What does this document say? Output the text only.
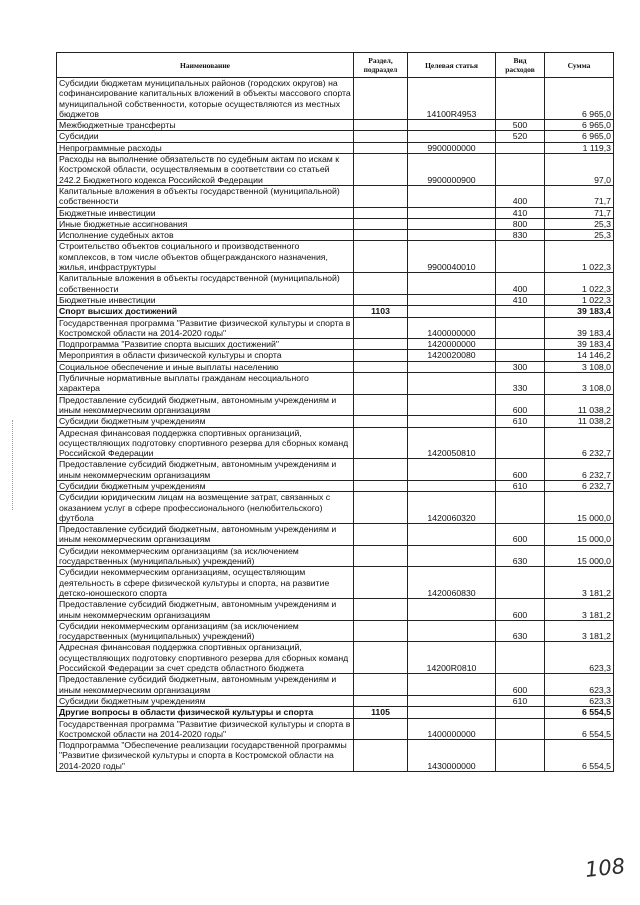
Наименование	Раздел, подраздел	Целевая статья	Вид расходов	Сумма
Субсидии бюджетам муниципальных районов (городских округов) на софинансирование капитальных вложений в объекты массового спорта муниципальной собственности, которые осуществляются из местных бюджетов		14100R4953		6 965,0
Межбюджетные трансферты			500	6 965,0
Субсидии			520	6 965,0
Непрограммные расходы		9900000000		1 119,3
Расходы на выполнение обязательств по судебным актам по искам к Костромской области, осуществляемым в соответствии со статьей 242.2 Бюджетного кодекса Российской Федерации		9900000900		97,0
Капитальные вложения в объекты государственной (муниципальной) собственности			400	71,7
Бюджетные инвестиции			410	71,7
Иные бюджетные ассигнования			800	25,3
Исполнение судебных актов			830	25,3
Строительство объектов социального и производственного комплексов, в том числе объектов общегражданского назначения, жилья, инфраструктуры		9900040010		1 022,3
Капитальные вложения в объекты государственной (муниципальной) собственности			400	1 022,3
Бюджетные инвестиции			410	1 022,3
Спорт высших достижений	1103			39 183,4
Государственная программа "Развитие физической культуры и спорта в Костромской области на 2014-2020 годы"		1400000000		39 183,4
Подпрограмма "Развитие спорта высших достижений"		1420000000		39 183,4
Мероприятия в области физической культуры и спорта		1420020080		14 146,2
Социальное обеспечение и иные выплаты населению			300	3 108,0
Публичные нормативные выплаты гражданам несоциального характера			330	3 108,0
Предоставление субсидий бюджетным, автономным учреждениям и иным некоммерческим организациям			600	11 038,2
Субсидии бюджетным учреждениям			610	11 038,2
Адресная финансовая поддержка спортивных организаций, осуществляющих подготовку спортивного резерва для сборных команд Российской Федерации		1420050810		6 232,7
Предоставление субсидий бюджетным, автономным учреждениям и иным некоммерческим организациям			600	6 232,7
Субсидии бюджетным учреждениям			610	6 232,7
Субсидии юридическим лицам на возмещение затрат, связанных с оказанием услуг в сфере профессионального (нелюбительского) футбола		1420060320		15 000,0
Предоставление субсидий бюджетным, автономным учреждениям и иным некоммерческим организациям			600	15 000,0
Субсидии некоммерческим организациям (за исключением государственных (муниципальных) учреждений)			630	15 000,0
Субсидии некоммерческим организациям, осуществляющим деятельность в сфере физической культуры и спорта, на развитие детско-юношеского спорта		1420060830		3 181,2
Предоставление субсидий бюджетным, автономным учреждениям и иным некоммерческим организациям			600	3 181,2
Субсидии некоммерческим организациям (за исключением государственных (муниципальных) учреждений)			630	3 181,2
Адресная финансовая поддержка спортивных организаций, осуществляющих подготовку спортивного резерва для сборных команд Российской Федерации за счет средств областного бюджета		14200R0810		623,3
Предоставление субсидий бюджетным, автономным учреждениям и иным некоммерческим организациям			600	623,3
Субсидии бюджетным учреждениям			610	623,3
Другие вопросы в области физической культуры и спорта	1105			6 554,5
Государственная программа "Развитие физической культуры и спорта в Костромской области на 2014-2020 годы"		1400000000		6 554,5
Подпрограмма "Обеспечение реализации государственной программы "Развитие физической культуры и спорта в Костромской области на 2014-2020 годы"		1430000000		6 554,5
108
